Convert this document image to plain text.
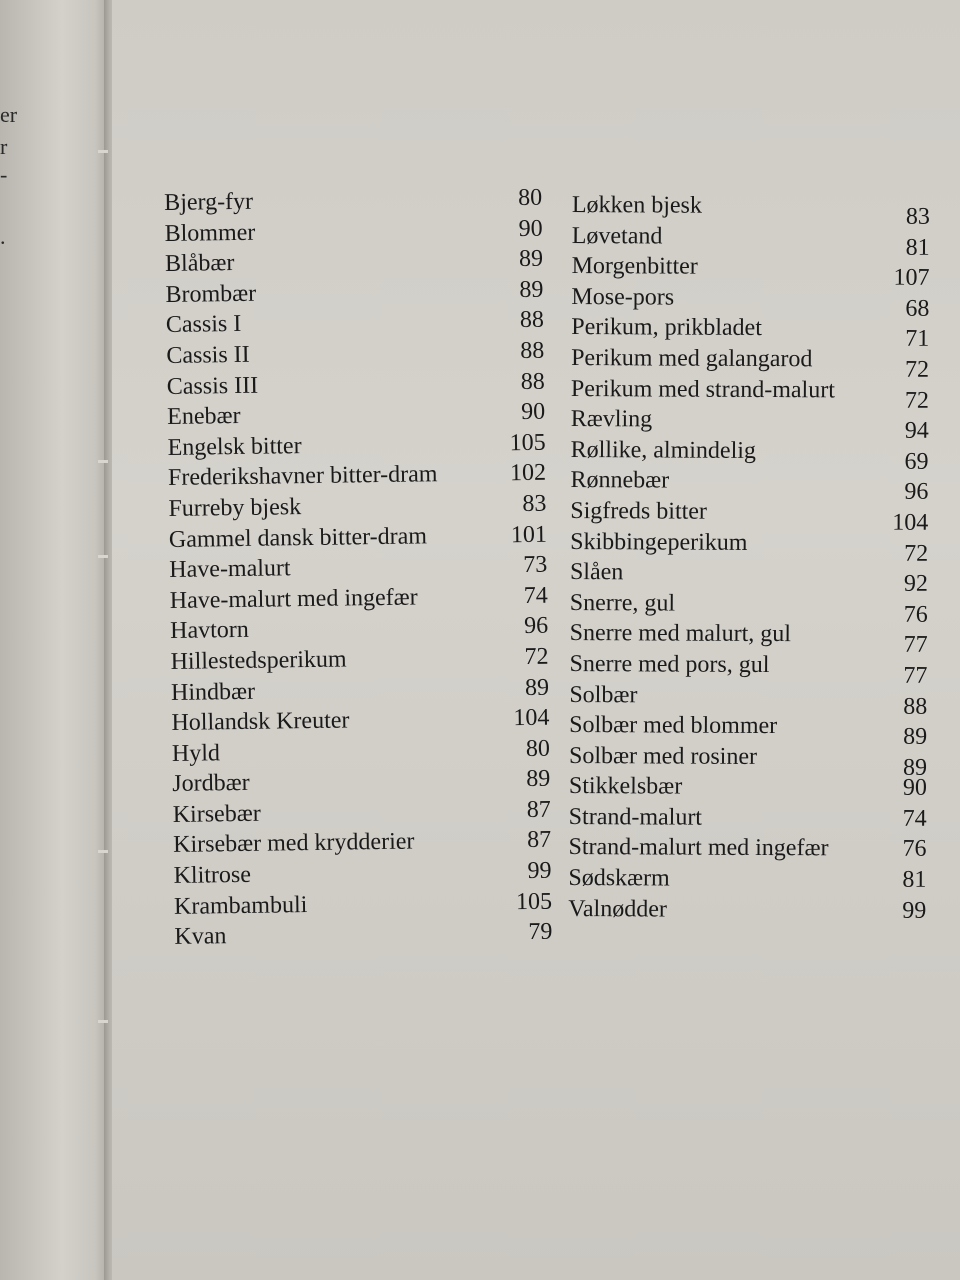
er
r
-
.
Bjerg-fyr	80
Blommer	90
Blåbær	89
Brombær	89
Cassis I	88
Cassis II	88
Cassis III	88
Enebær	90
Engelsk bitter	105
Frederikshavner bitter-dram	102
Furreby bjesk	83
Gammel dansk bitter-dram	101
Have-malurt	73
Have-malurt med ingefær	74
Havtorn	96
Hillestedsperikum	72
Hindbær	89
Hollandsk Kreuter	104
Hyld	80
Jordbær	89
Kirsebær	87
Kirsebær med krydderier	87
Klitrose	99
Krambambuli	105
Kvan	79
Løkken bjesk	83
Løvetand	81
Morgenbitter	107
Mose-pors	68
Perikum, prikbladet	71
Perikum med galangarod	72
Perikum med strand-malurt	72
Rævling	94
Røllike, almindelig	69
Rønnebær	96
Sigfreds bitter	104
Skibbingeperikum	72
Slåen	92
Snerre, gul	76
Snerre med malurt, gul	77
Snerre med pors, gul	77
Solbær	88
Solbær med blommer	89
Solbær med rosiner	89
Stikkelsbær	90
Strand-malurt	74
Strand-malurt med ingefær	76
Sødskærm	81
Valnødder	99
